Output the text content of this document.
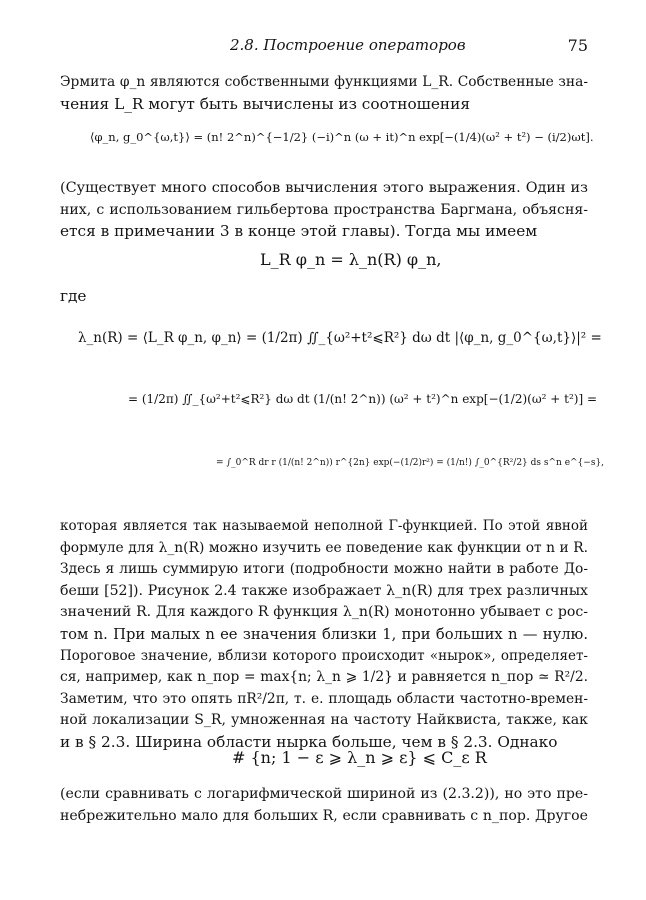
2.8. Построение операторов	75
Эрмита φ_n являются собственными функциями L_R. Собственные зна-
чения L_R могут быть вычислены из соотношения
⟨φ_n, g_0^{ω,t}⟩ = (n! 2^n)^{−1/2} (−i)^n (ω + it)^n exp[−(1/4)(ω² + t²) − (i/2)ωt].
(Существует много способов вычисления этого выражения. Один из
них, с использованием гильбертова пространства Баргмана, объясня-
ется в примечании 3 в конце этой главы). Тогда мы имеем
L_R φ_n = λ_n(R) φ_n,
где
λ_n(R) = ⟨L_R φ_n, φ_n⟩ = (1/2π) ∬_{ω²+t²⩽R²} dω dt |⟨φ_n, g_0^{ω,t}⟩|² =
= (1/2π) ∬_{ω²+t²⩽R²} dω dt (1/(n! 2^n)) (ω² + t²)^n exp[−(1/2)(ω² + t²)] =
= ∫_0^R dr r (1/(n! 2^n)) r^{2n} exp(−(1/2)r²) = (1/n!) ∫_0^{R²/2} ds s^n e^{−s},
которая является так называемой неполной Γ-функцией. По этой явной
формуле для λ_n(R) можно изучить ее поведение как функции от n и R.
Здесь я лишь суммирую итоги (подробности можно найти в работе До-
беши [52]). Рисунок 2.4 также изображает λ_n(R) для трех различных
значений R. Для каждого R функция λ_n(R) монотонно убывает с рос-
том n. При малых n ее значения близки 1, при больших n — нулю.
Пороговое значение, вблизи которого происходит «нырок», определяет-
ся, например, как n_пор = max{n; λ_n ⩾ 1/2} и равняется n_пор ≃ R²/2.
Заметим, что это опять πR²/2π, т. е. площадь области частотно-времен-
ной локализации S_R, умноженная на частоту Найквиста, также, как
и в § 2.3. Ширина области нырка больше, чем в § 2.3. Однако
# {n; 1 − ε ⩾ λ_n ⩾ ε} ⩽ C_ε R
(если сравнивать с логарифмической шириной из (2.3.2)), но это пре-
небрежительно мало для больших R, если сравнивать с n_пор. Другое
